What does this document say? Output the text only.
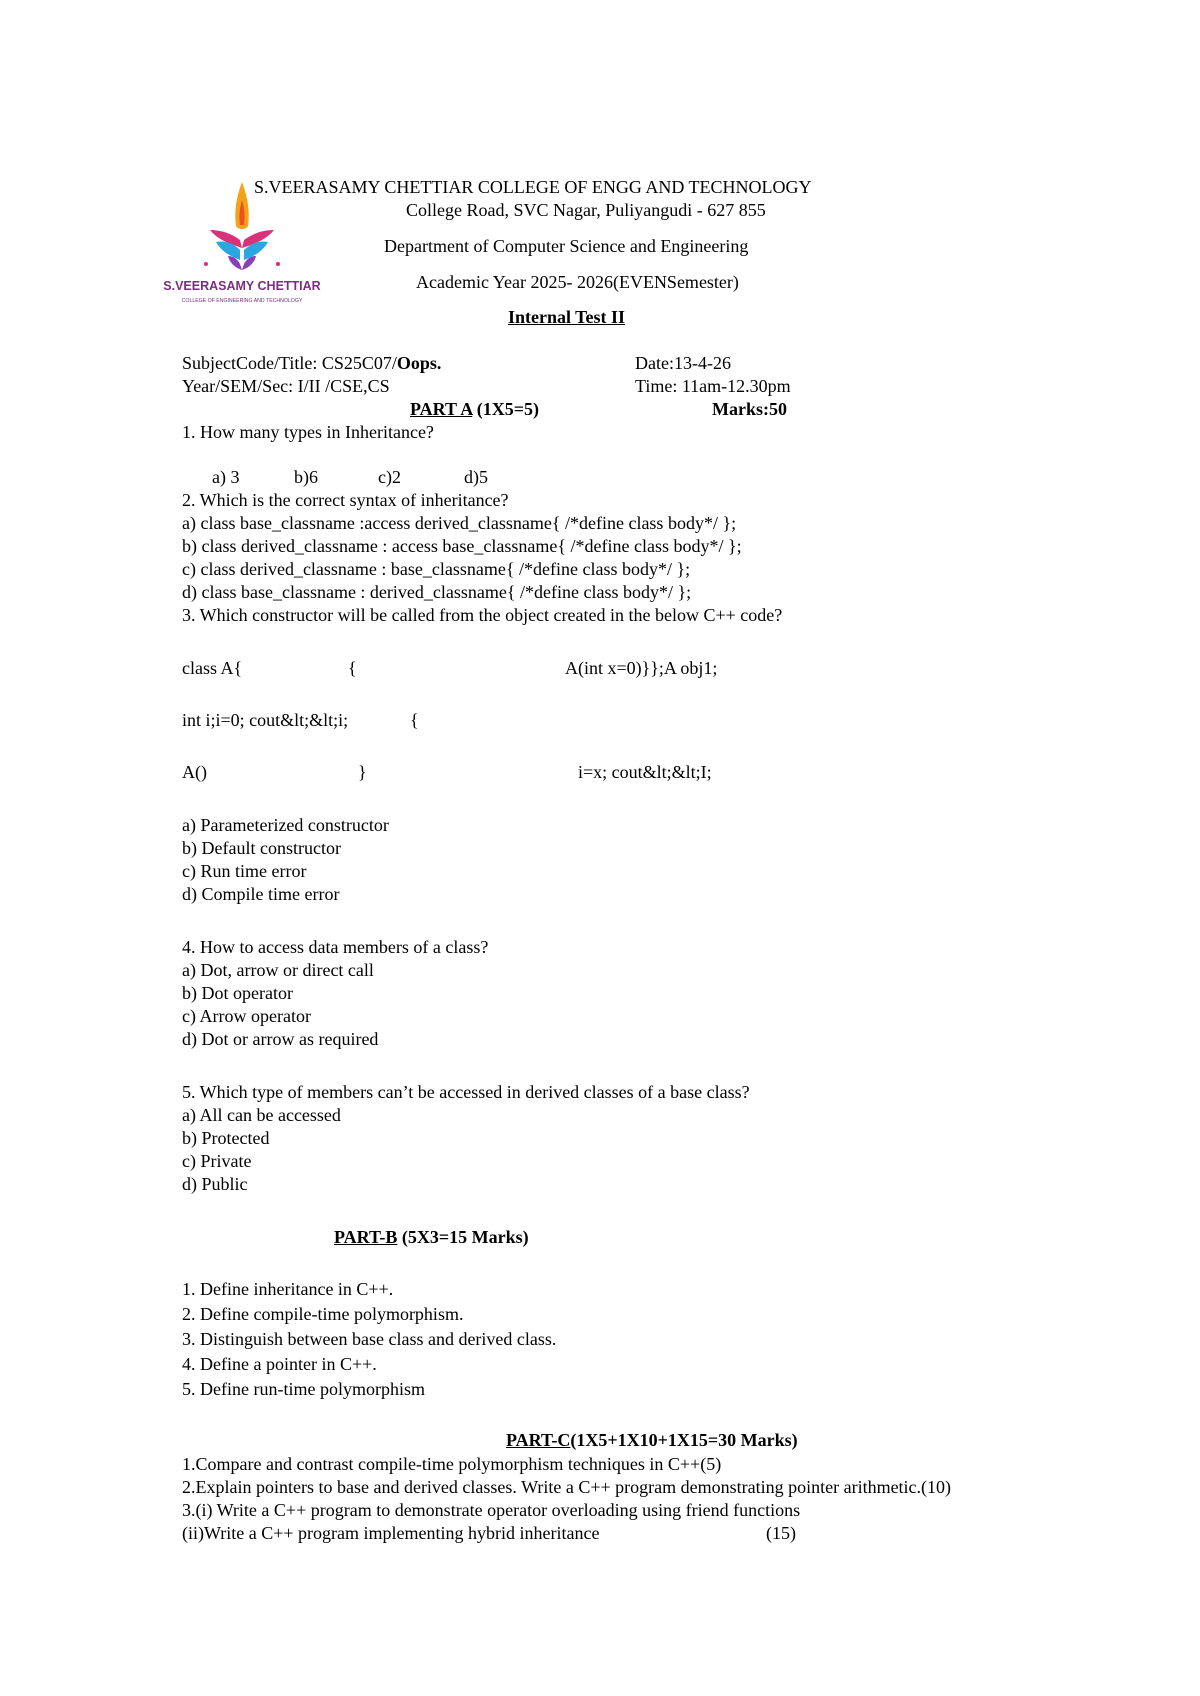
S.VEERASAMY CHETTIAR
COLLEGE OF ENGINEERING AND TECHNOLOGY
S.VEERASAMY CHETTIAR COLLEGE OF ENGG AND TECHNOLOGY
College Road, SVC Nagar, Puliyangudi - 627 855
Department of Computer Science and Engineering
Academic Year 2025- 2026(EVENSemester)
Internal Test II
SubjectCode/Title: CS25C07/Oops.	Date:13-4-26
Year/SEM/Sec: I/II /CSE,CS	Time: 11am-12.30pm
PART A (1X5=5)	Marks:50
1. How many types in Inheritance?
a) 3	b)6	c)2	d)5
2. Which is the correct syntax of inheritance?
a) class base_classname :access derived_classname{ /*define class body*/ };
b) class derived_classname : access base_classname{ /*define class body*/ };
c) class derived_classname : base_classname{ /*define class body*/ };
d) class base_classname : derived_classname{ /*define class body*/ };
3. Which constructor will be called from the object created in the below C++ code?
class A{	{	A(int x=0)}};A obj1;
int i;i=0; cout&lt;&lt;i;	{
A()	}	i=x; cout&lt;&lt;I;
a) Parameterized constructor
b) Default constructor
c) Run time error
d) Compile time error
4. How to access data members of a class?
a) Dot, arrow or direct call
b) Dot operator
c) Arrow operator
d) Dot or arrow as required
5. Which type of members can’t be accessed in derived classes of a base class?
a) All can be accessed
b) Protected
c) Private
d) Public
PART-B (5X3=15 Marks)
1. Define inheritance in C++.
2. Define compile-time polymorphism.
3. Distinguish between base class and derived class.
4. Define a pointer in C++.
5. Define run-time polymorphism
PART-C(1X5+1X10+1X15=30 Marks)
1.Compare and contrast compile-time polymorphism techniques in C++(5)
2.Explain pointers to base and derived classes. Write a C++ program demonstrating pointer arithmetic.(10)
3.(i) Write a C++ program to demonstrate operator overloading using friend functions
(ii)Write a C++ program implementing hybrid inheritance	(15)
